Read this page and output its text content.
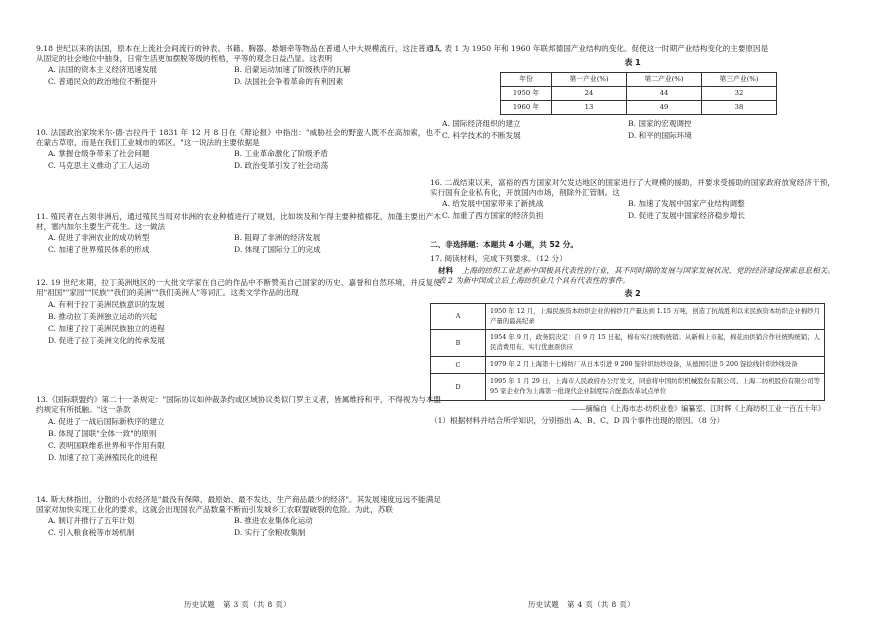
9.18 世纪以来的法国，原本在上流社会间流行的钟表、书籍、胸器、悬姻牵等物品在普通人中大规模流行，这注普通人从固定的社会地位中抽身，日常生活更加摆脱等级的桎梏，平等的观念日益凸显。这表明
A. 法国的资本主义经济迅速发展	B. 启蒙运动加速了阶级秩序的瓦解
C. 普通民众的政治地位不断提升	D. 法国社会争着革命的有利因素
10. 法国政治家埃米尔·德·吉拉丹于 1831 年 12 月 8 日在《辩论报》中指出："威胁社会的野蛮人既不在高加索，也不在蒙古草原，而是在我们工业城市的郊区。"这一说法的主要依据是
A. 掌握仓级争带来了社会问题	B. 工业革命激化了阶级矛盾
C. 马克思主义推动了工人运动	D. 政治变革引发了社会动荡
11. 殖民者在占领非洲后，通过殖民当局对非洲的农业种植进行了规划，比如埃及和乍得主要种植棉花，加蓬主要出产木材，塞内加尔主要生产花生。这一做法
A. 促进了非洲农业的成功转型	B. 阻碍了非洲的经济发展
C. 加速了世界殖民体系的形成	D. 体现了国际分工的完成
12. 19 世纪末期，拉丁美洲地区的一大批文学家在自己的作品中不断赞美自己国家的历史、嘉誉和自然环境，并反复使用"祖国""家园""民族""我们的美洲""我们美洲人"等词汇。这类文学作品的出现
A. 有利于拉丁美洲民族意识的发展
B. 推动拉丁美洲独立运动的兴起
C. 加速了拉丁美洲民族独立的进程
D. 促进了拉丁美洲文化的传承发展
13.《国际联盟约》第二十一条规定："国际协议如仲裁条约或区域协议类似门罗主义者，皆属维持和平，不得视为与本盟约规定有所抵触。"这一条款
A. 促进了一战后国际新秩序的建立
B. 体现了国联"全体一致"的原则
C. 表明国联维系世界和平作用有限
D. 加速了拉丁美洲殖民化的进程
14. 斯大林指出，分散的小农经济是"最没有保障、最原始、最不发达、生产商品最少的经济"。其发展速度远远不能满足国家对加快实现工业化的要求，这就会出现国农产品数量不断而引发城乡工农联盟破裂的危险。为此，苏联
A. 制订并推行了五年计划	B. 推进农业集体化运动
C. 引入粮食税等市场机制	D. 实行了余粮收集制
历史试题　第 3 页（共 8 页）
15. 表 1 为 1950 年和 1960 年联邦德国产业结构的变化。促使这一时期产业结构变化的主要原因是
表 1
年份	第一产业(%)	第二产业(%)	第三产业(%)
1950 年	24	44	32
1960 年	13	49	38
A. 国际经济组织的建立	B. 国家的宏观调控
C. 科学技术的不断发展	D. 和平的国际环境
16. 二战结束以来，富裕的西方国家对欠发达地区的国家进行了大规模的援助，并要求受援助的国家政府放宽经济干预，实行国有企业私有化，开放国内市场，削除外汇管制。这
A. 给发展中国家带来了新挑战	B. 加速了发展中国家产业结构调整
C. 加重了西方国家的经济负担	D. 促进了发展中国家经济稳步增长
二、非选择题：本题共 4 小题，共 52 分。
17. 阅读材料，完成下列要求。（12 分）
材料 上海的纺织工业是新中国极具代表性的行业，其不同时期的发展与国家发展状况、党的经济建设探索息息相关。表 2 为新中国成立后上海纺织业几个具有代表性的事件。
表 2
A	1950 年 12 月，上海民族资本纺织企业的棉纱月产量达到 1.15 万吨，创造了抗战胜利以来民族资本纺织企业棉纱月产量的最高纪录
B	1954 年 9 月，政务院决定：自 9 月 15 日起，棉布实行统购统销；从新棉上市起，棉花由供销合作社统购统销；人民消费用布，实行优惠票供应
C	1979 年 2 月上海第十七棉纺厂从日本引进 9 200 锭针织纺纱设备，从德国引进 5 200 锭捻线针织纱线设备
D	1995 年 1 月 29 日，上海市人民政府办公厅发文，同意将中国纺织机械股份有限公司、上海二纺机股份有限公司等 95 家企业作为上海第一批现代企业制度综合配套改革试点单位
——摘编自《上海市志·纺织业卷》编纂室、江时辉《上海纺织工业一百五十年》
（1）根据材料并结合所学知识，分别指出 A、B、C、D 四个事件出现的原因。（8 分）
历史试题　第 4 页（共 8 页）
